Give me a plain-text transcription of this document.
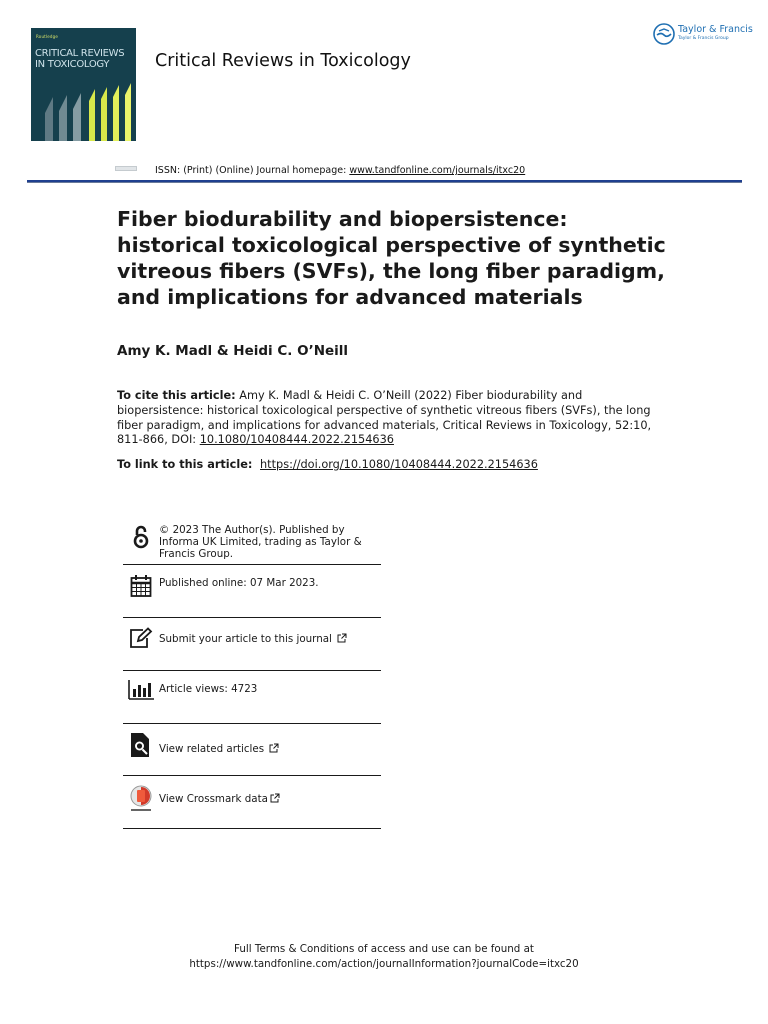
Routledge
CRITICAL REVIEWS IN TOXICOLOGY	Critical Reviews in Toxicology
Taylor & Francis
Taylor & Francis Group
ISSN: (Print) (Online) Journal homepage: www.tandfonline.com/journals/itxc20
Fiber biodurability and biopersistence: historical toxicological perspective of synthetic vitreous fibers (SVFs), the long fiber paradigm, and implications for advanced materials
Amy K. Madl & Heidi C. O’Neill
To cite this article: Amy K. Madl & Heidi C. O’Neill (2022) Fiber biodurability and biopersistence: historical toxicological perspective of synthetic vitreous fibers (SVFs), the long fiber paradigm, and implications for advanced materials, Critical Reviews in Toxicology, 52:10, 811-866, DOI: 10.1080/10408444.2022.2154636
To link to this article: https://doi.org/10.1080/10408444.2022.2154636
© 2023 The Author(s). Published by Informa UK Limited, trading as Taylor & Francis Group.
Published online: 07 Mar 2023.
Submit your article to this journal
Article views: 4723
View related articles
View Crossmark data
Full Terms & Conditions of access and use can be found at
https://www.tandfonline.com/action/journalInformation?journalCode=itxc20
